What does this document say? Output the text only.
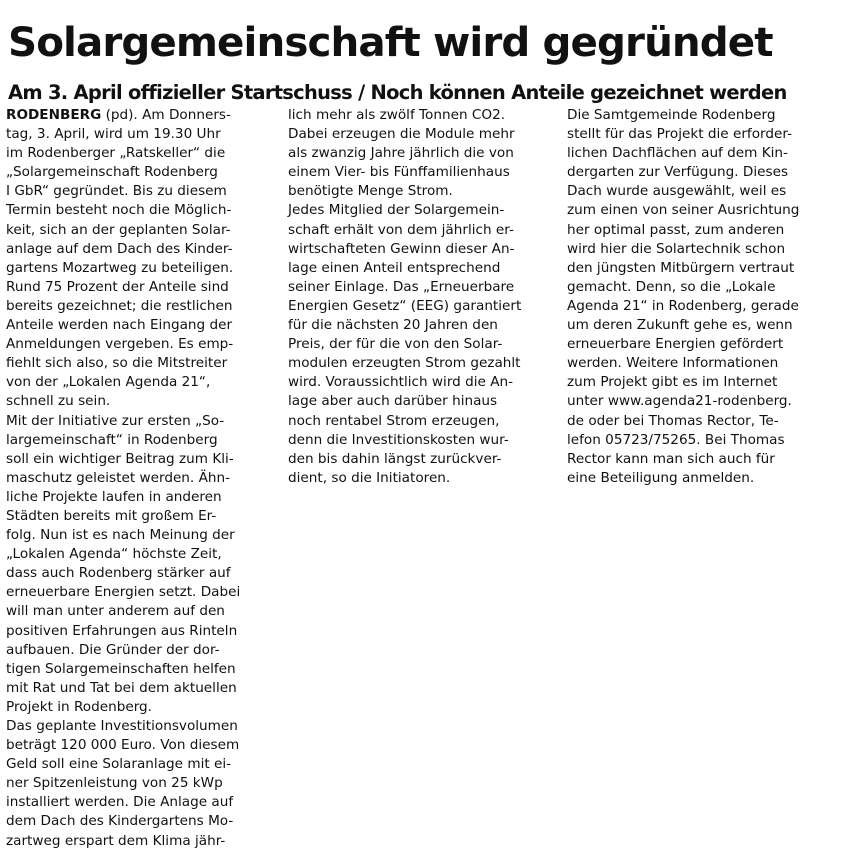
Solargemeinschaft wird gegründet
Am 3. April offizieller Startschuss / Noch können Anteile gezeichnet werden
RODENBERG (pd). Am Donners-
tag, 3. April, wird um 19.30 Uhr
im Rodenberger „Ratskeller“ die
„Solargemeinschaft Rodenberg
I GbR“ gegründet. Bis zu diesem
Termin besteht noch die Möglich-
keit, sich an der geplanten Solar-
anlage auf dem Dach des Kinder-
gartens Mozartweg zu beteiligen.
Rund 75 Prozent der Anteile sind
bereits gezeichnet; die restlichen
Anteile werden nach Eingang der
Anmeldungen vergeben. Es emp-
fiehlt sich also, so die Mitstreiter
von der „Lokalen Agenda 21“,
schnell zu sein.
Mit der Initiative zur ersten „So-
largemeinschaft“ in Rodenberg
soll ein wichtiger Beitrag zum Kli-
maschutz geleistet werden. Ähn-
liche Projekte laufen in anderen
Städten bereits mit großem Er-
folg. Nun ist es nach Meinung der
„Lokalen Agenda“ höchste Zeit,
dass auch Rodenberg stärker auf
erneuerbare Energien setzt. Dabei
will man unter anderem auf den
positiven Erfahrungen aus Rinteln
aufbauen. Die Gründer der dor-
tigen Solargemeinschaften helfen
mit Rat und Tat bei dem aktuellen
Projekt in Rodenberg.
Das geplante Investitionsvolumen
beträgt 120 000 Euro. Von diesem
Geld soll eine Solaranlage mit ei-
ner Spitzenleistung von 25 kWp
installiert werden. Die Anlage auf
dem Dach des Kindergartens Mo-
zartweg erspart dem Klima jähr-
lich mehr als zwölf Tonnen CO2.
Dabei erzeugen die Module mehr
als zwanzig Jahre jährlich die von
einem Vier- bis Fünffamilienhaus
benötigte Menge Strom.
Jedes Mitglied der Solargemein-
schaft erhält von dem jährlich er-
wirtschafteten Gewinn dieser An-
lage einen Anteil entsprechend
seiner Einlage. Das „Erneuerbare
Energien Gesetz“ (EEG) garantiert
für die nächsten 20 Jahren den
Preis, der für die von den Solar-
modulen erzeugten Strom gezahlt
wird. Voraussichtlich wird die An-
lage aber auch darüber hinaus
noch rentabel Strom erzeugen,
denn die Investitionskosten wur-
den bis dahin längst zurückver-
dient, so die Initiatoren.
Die Samtgemeinde Rodenberg
stellt für das Projekt die erforder-
lichen Dachflächen auf dem Kin-
dergarten zur Verfügung. Dieses
Dach wurde ausgewählt, weil es
zum einen von seiner Ausrichtung
her optimal passt, zum anderen
wird hier die Solartechnik schon
den jüngsten Mitbürgern vertraut
gemacht. Denn, so die „Lokale
Agenda 21“ in Rodenberg, gerade
um deren Zukunft gehe es, wenn
erneuerbare Energien gefördert
werden. Weitere Informationen
zum Projekt gibt es im Internet
unter www.agenda21-rodenberg.
de oder bei Thomas Rector, Te-
lefon 05723/75265. Bei Thomas
Rector kann man sich auch für
eine Beteiligung anmelden.
